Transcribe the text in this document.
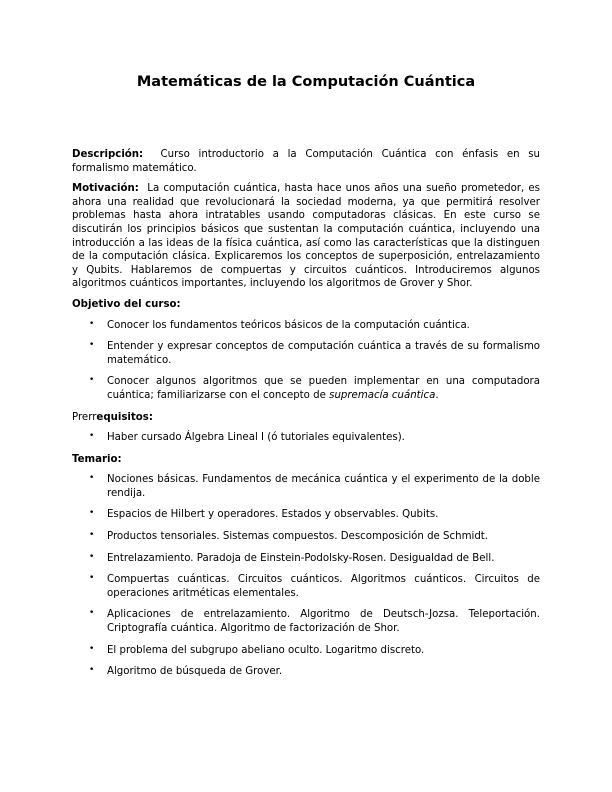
Matemáticas de la Computación Cuántica

Descripción: Curso introductorio a la Computación Cuántica con énfasis en su formalismo matemático.

Motivación: La computación cuántica, hasta hace unos años una sueño prometedor, es ahora una realidad que revolucionará la sociedad moderna, ya que permitirá resolver problemas hasta ahora intratables usando computadoras clásicas. En este curso se discutirán los principios básicos que sustentan la computación cuántica, incluyendo una introducción a las ideas de la física cuántica, así como las características que la distinguen de la computación clásica. Explicaremos los conceptos de superposición, entrelazamiento y Qubits. Hablaremos de compuertas y circuitos cuánticos. Introduciremos algunos algoritmos cuánticos importantes, incluyendo los algoritmos de Grover y Shor.

Objetivo del curso:
• Conocer los fundamentos teóricos básicos de la computación cuántica.
• Entender y expresar conceptos de computación cuántica a través de su formalismo matemático.
• Conocer algunos algoritmos que se pueden implementar en una computadora cuántica; familiarizarse con el concepto de supremacía cuántica.
Prerrequisitos:
• Haber cursado Álgebra Lineal I (ó tutoriales equivalentes).
Temario:
• Nociones básicas. Fundamentos de mecánica cuántica y el experimento de la doble rendija.
• Espacios de Hilbert y operadores. Estados y observables. Qubits.
• Productos tensoriales. Sistemas compuestos. Descomposición de Schmidt.
• Entrelazamiento. Paradoja de Einstein-Podolsky-Rosen. Desigualdad de Bell.
• Compuertas cuánticas. Circuitos cuánticos. Algoritmos cuánticos. Circuitos de operaciones aritméticas elementales.
• Aplicaciones de entrelazamiento. Algoritmo de Deutsch-Jozsa. Teleportación. Criptografía cuántica. Algoritmo de factorización de Shor.
• El problema del subgrupo abeliano oculto. Logaritmo discreto.
• Algoritmo de búsqueda de Grover.
